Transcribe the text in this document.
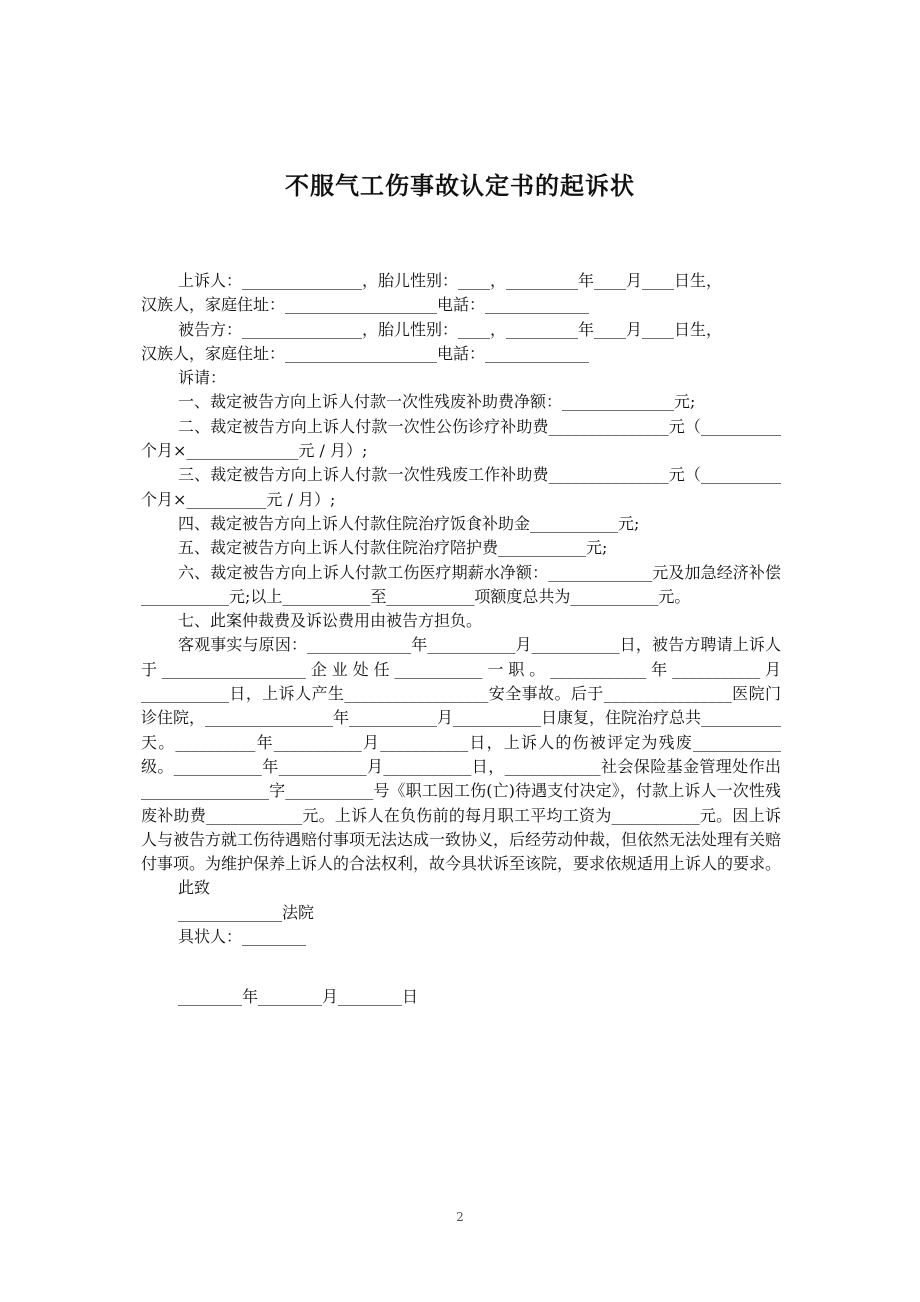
不服气工伤事故认定书的起诉状

上诉人：_______________，胎儿性别：____，_________年____月____日生，

汉族人，家庭住址：___________________电話：_____________

被告方：_______________，胎儿性别：____，_________年____月____日生，

汉族人，家庭住址：___________________电話：_____________

诉请：

一、裁定被告方向上诉人付款一次性残废补助费净额：______________元;

二、裁定被告方向上诉人付款一次性公伤诊疗补助费_______________元（__________个月×______________元 / 月）;

三、裁定被告方向上诉人付款一次性残废工作补助费_______________元（__________个月×__________元 / 月）;

四、裁定被告方向上诉人付款住院治疗饭食补助金___________元;

五、裁定被告方向上诉人付款住院治疗陪护费___________元;

六、裁定被告方向上诉人付款工伤医疗期薪水净额：_____________元及加急经济补偿___________元;以上___________至___________项额度总共为___________元。

七、此案仲裁费及诉讼费用由被告方担负。

客观事实与原因：_____________年___________月___________日，被告方聘请上诉人于__________________企业处任___________一职。____________年___________月___________日，上诉人产生__________________安全事故。后于________________医院门诊住院，________________年___________月___________日康复，住院治疗总共__________天。__________年___________月___________日，上诉人的伤被评定为残废___________级。___________年___________月___________日，____________社会保险基金管理处作出________________字___________号《职工因工伤(亡)待遇支付决定》，付款上诉人一次性残废补助费____________元。上诉人在负伤前的每月职工平均工资为___________元。因上诉人与被告方就工伤待遇赔付事项无法达成一致协义，后经劳动仲裁，但依然无法处理有关赔付事项。为维护保养上诉人的合法权利，故今具状诉至该院，要求依规适用上诉人的要求。

此致

_____________法院

具状人：________

________年________月________日

2
